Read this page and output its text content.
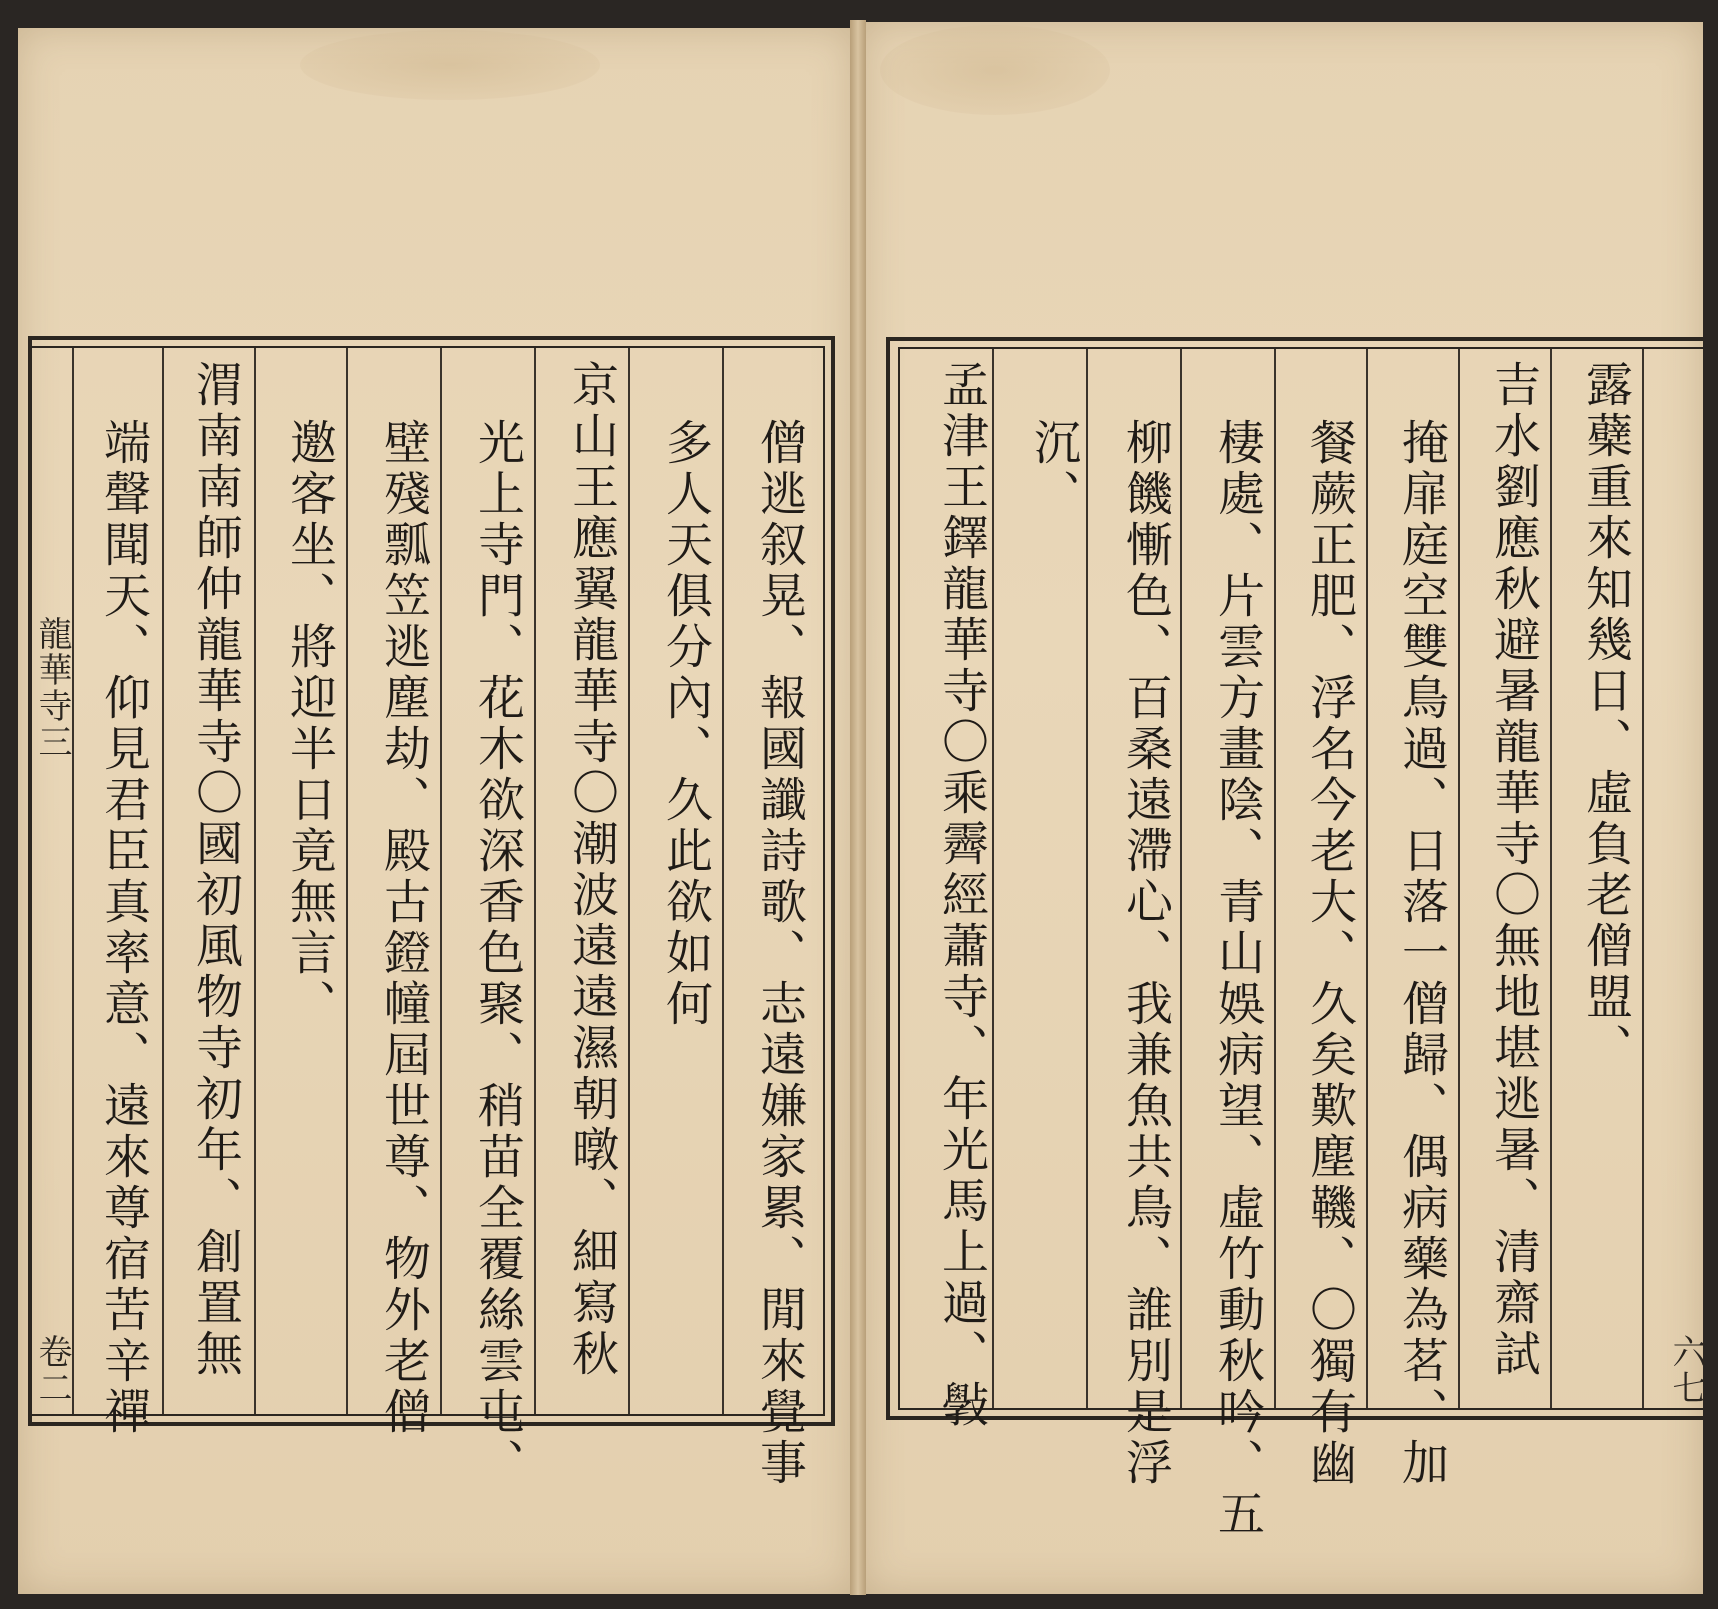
僧逃叙晃、報國讖詩歌、志遠嫌家累、閒來覺事
多人天俱分內、久此欲如何
京山王應翼龍華寺〇潮波遠遠濕朝暾、細寫秋
光上寺門、花木欲深香色聚、稍苗全覆絲雲屯、
壁殘瓢笠逃塵劫、殿古鐙幢屆世尊、物外老僧
邀客坐、將迎半日竟無言、
渭南南師仲龍華寺〇國初風物寺初年、創置無
端聲聞天、仰見君臣真率意、遠來尊宿苦辛禪
龍華寺三
卷二
露蘗重來知幾日、虛負老僧盟、
吉水劉應秋避暑龍華寺〇無地堪逃暑、清齋試
掩扉庭空雙鳥過、日落一僧歸、偶病藥為茗、加
餐蕨正肥、浮名今老大、久矣歎塵鞿、〇獨有幽
棲處、片雲方畫陰、青山娛病望、虛竹動秋吟、五
柳饑慚色、百桑遠滯心、我兼魚共鳥、誰別是浮
沉、
孟津王鐸龍華寺〇乘霽經蕭寺、年光馬上過、斅	六七
